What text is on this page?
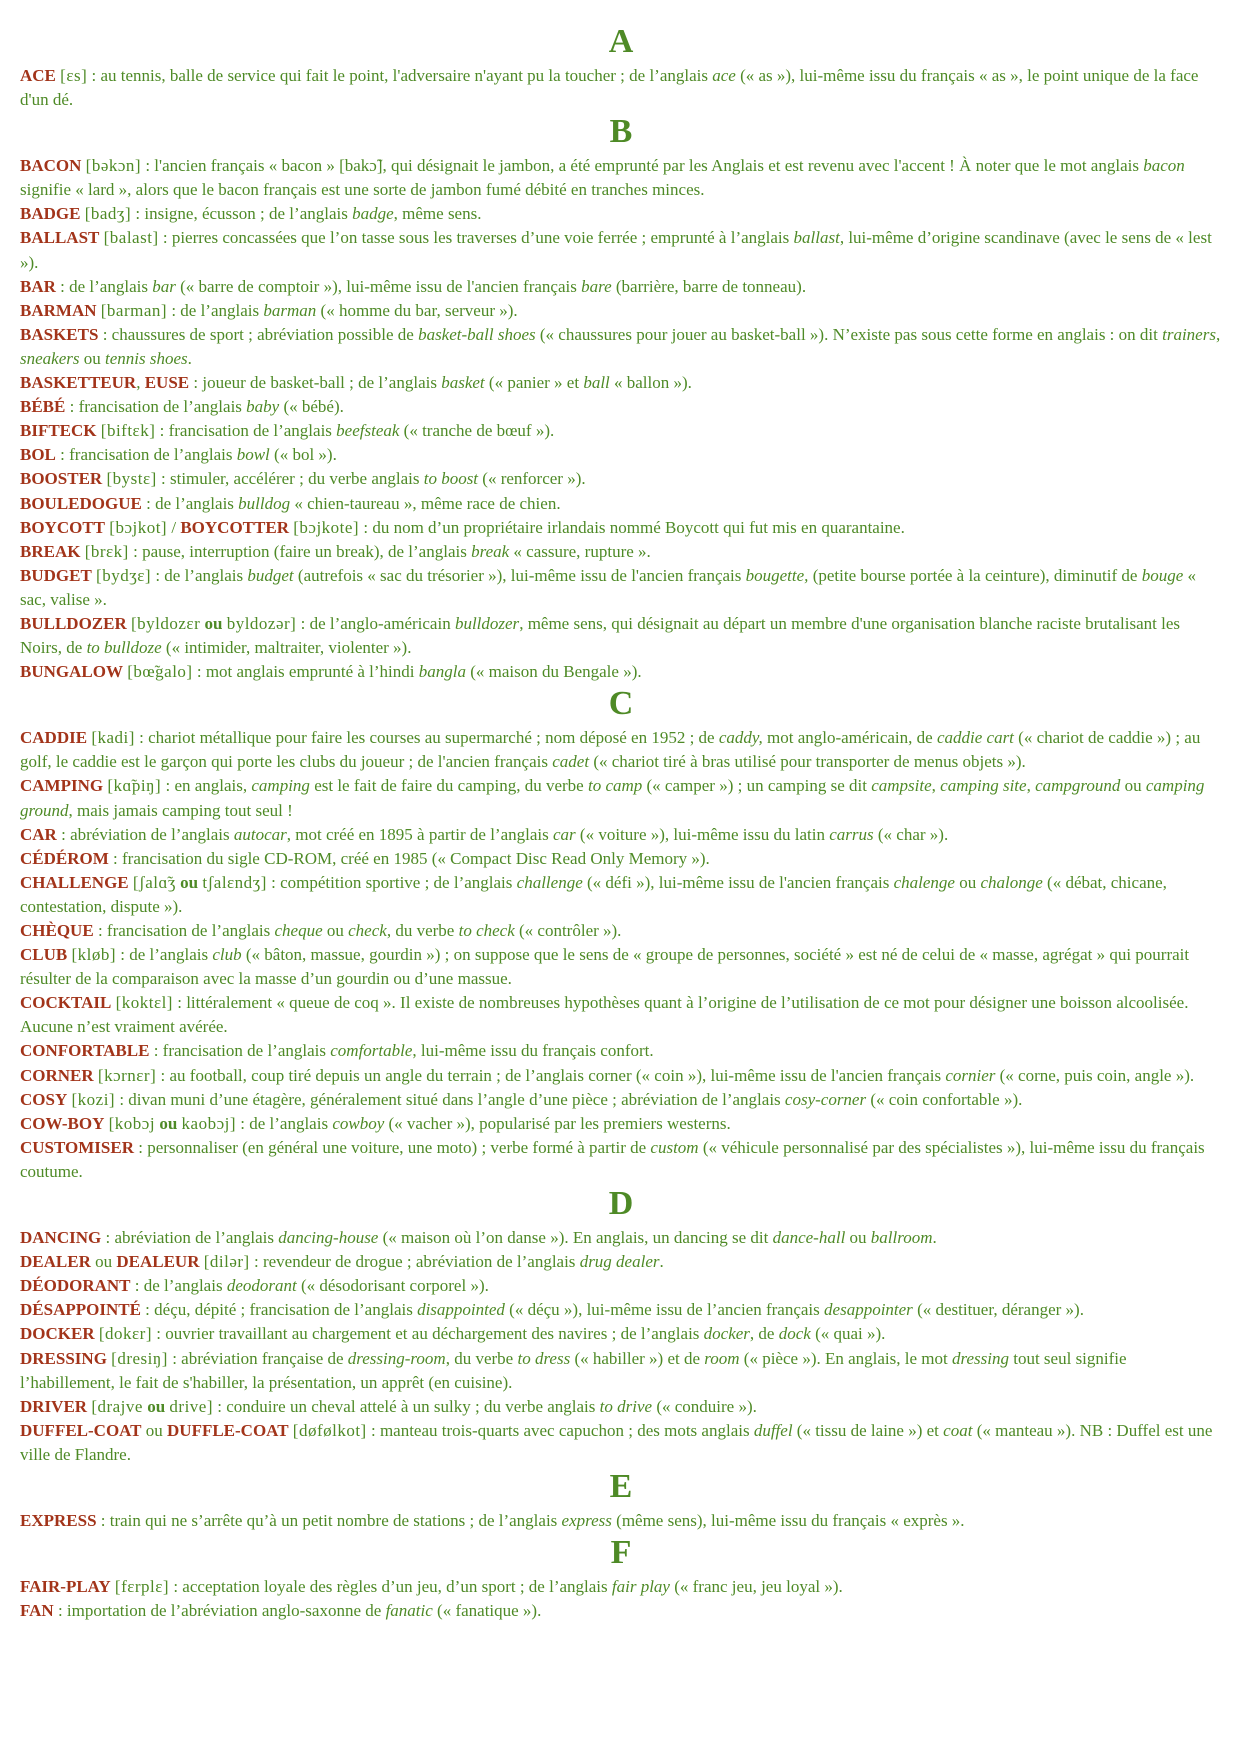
A

ACE [ɛs] : au tennis, balle de service qui fait le point, l'adversaire n'ayant pu la toucher ; de l’anglais ace (« as »), lui-même issu du français « as », le point unique de la face d'un dé.

B

BACON [bəkɔn] : l'ancien français « bacon » [bakɔ̃], qui désignait le jambon, a été emprunté par les Anglais et est revenu avec l'accent ! À noter que le mot anglais bacon signifie « lard », alors que le bacon français est une sorte de jambon fumé débité en tranches minces.

BADGE [badʒ] : insigne, écusson ; de l’anglais badge, même sens.

BALLAST [balast] : pierres concassées que l’on tasse sous les traverses d’une voie ferrée ; emprunté à l’anglais ballast, lui-même d’origine scandinave (avec le sens de « lest »).

BAR : de l’anglais bar (« barre de comptoir »), lui-même issu de l'ancien français bare (barrière, barre de tonneau).

BARMAN [barman] : de l’anglais barman (« homme du bar, serveur »).

BASKETS : chaussures de sport ; abréviation possible de basket-ball shoes (« chaussures pour jouer au basket-ball »). N’existe pas sous cette forme en anglais : on dit trainers, sneakers ou tennis shoes.

BASKETTEUR, EUSE : joueur de basket-ball ; de l’anglais basket (« panier » et ball « ballon »).

BÉBÉ : francisation de l’anglais baby (« bébé).

BIFTECK [biftɛk] : francisation de l’anglais beefsteak (« tranche de bœuf »).

BOL : francisation de l’anglais bowl (« bol »).

BOOSTER [bystɛ] : stimuler, accélérer ; du verbe anglais to boost (« renforcer »).

BOULEDOGUE : de l’anglais bulldog « chien-taureau », même race de chien.

BOYCOTT [bɔjkot] / BOYCOTTER [bɔjkote] : du nom d’un propriétaire irlandais nommé Boycott qui fut mis en quarantaine.

BREAK [brɛk] : pause, interruption (faire un break), de l’anglais break « cassure, rupture ».

BUDGET [bydʒɛ] : de l’anglais budget (autrefois « sac du trésorier »), lui-même issu de l'ancien français bougette, (petite bourse portée à la ceinture), diminutif de bouge « sac, valise ».

BULLDOZER [byldozɛr ou byldozər] : de l’anglo-américain bulldozer, même sens, qui désignait au départ un membre d'une organisation blanche raciste brutalisant les Noirs, de to bulldoze (« intimider, maltraiter, violenter »).

BUNGALOW [bœ̃galo] : mot anglais emprunté à l’hindi bangla (« maison du Bengale »).

C

CADDIE [kadi] : chariot métallique pour faire les courses au supermarché ; nom déposé en 1952 ; de caddy, mot anglo-américain, de caddie cart (« chariot de caddie ») ; au golf, le caddie est le garçon qui porte les clubs du joueur ; de l'ancien français cadet (« chariot tiré à bras utilisé pour transporter de menus objets »).

CAMPING [kɑ̃piŋ] : en anglais, camping est le fait de faire du camping, du verbe to camp (« camper ») ; un camping se dit campsite, camping site, campground ou camping ground, mais jamais camping tout seul !

CAR : abréviation de l’anglais autocar, mot créé en 1895 à partir de l’anglais car (« voiture »), lui-même issu du latin carrus (« char »).

CÉDÉROM : francisation du sigle CD-ROM, créé en 1985 (« Compact Disc Read Only Memory »).

CHALLENGE [ʃalɑ̃ʒ ou tʃalɛndʒ] : compétition sportive ; de l’anglais challenge (« défi »), lui-même issu de l'ancien français chalenge ou chalonge (« débat, chicane, contestation, dispute »).

CHÈQUE : francisation de l’anglais cheque ou check, du verbe to check (« contrôler »).

CLUB [kløb] : de l’anglais club (« bâton, massue, gourdin ») ; on suppose que le sens de « groupe de personnes, société » est né de celui de « masse, agrégat » qui pourrait résulter de la comparaison avec la masse d’un gourdin ou d’une massue.

COCKTAIL [koktɛl] : littéralement « queue de coq ». Il existe de nombreuses hypothèses quant à l’origine de l’utilisation de ce mot pour désigner une boisson alcoolisée. Aucune n’est vraiment avérée.

CONFORTABLE : francisation de l’anglais comfortable, lui-même issu du français confort.

CORNER [kɔrnɛr] : au football, coup tiré depuis un angle du terrain ; de l’anglais corner (« coin »), lui-même issu de l'ancien français cornier (« corne, puis coin, angle »).

COSY [kozi] : divan muni d’une étagère, généralement situé dans l’angle d’une pièce ; abréviation de l’anglais cosy-corner (« coin confortable »).

COW-BOY [kobɔj ou kaobɔj] : de l’anglais cowboy (« vacher »), popularisé par les premiers westerns.

CUSTOMISER : personnaliser (en général une voiture, une moto) ; verbe formé à partir de custom (« véhicule personnalisé par des spécialistes »), lui-même issu du français coutume.

D

DANCING : abréviation de l’anglais dancing-house (« maison où l’on danse »). En anglais, un dancing se dit dance-hall ou ballroom.

DEALER ou DEALEUR [dilər] : revendeur de drogue ; abréviation de l’anglais drug dealer.

DÉODORANT : de l’anglais deodorant (« désodorisant corporel »).

DÉSAPPOINTÉ : déçu, dépité ; francisation de l’anglais disappointed (« déçu »), lui-même issu de l’ancien français desappointer (« destituer, déranger »).

DOCKER [dokɛr] : ouvrier travaillant au chargement et au déchargement des navires ; de l’anglais docker, de dock (« quai »).

DRESSING [dresiŋ] : abréviation française de dressing-room, du verbe to dress (« habiller ») et de room (« pièce »). En anglais, le mot dressing tout seul signifie l’habillement, le fait de s'habiller, la présentation, un apprêt (en cuisine).

DRIVER [drajve ou drive] : conduire un cheval attelé à un sulky ; du verbe anglais to drive (« conduire »).

DUFFEL-COAT ou DUFFLE-COAT [døfølkot] : manteau trois-quarts avec capuchon ; des mots anglais duffel (« tissu de laine ») et coat (« manteau »). NB : Duffel est une ville de Flandre.

E

EXPRESS : train qui ne s’arrête qu’à un petit nombre de stations ; de l’anglais express (même sens), lui-même issu du français « exprès ».

F

FAIR-PLAY [fɛrplɛ] : acceptation loyale des règles d’un jeu, d’un sport ; de l’anglais fair play (« franc jeu, jeu loyal »).

FAN : importation de l’abréviation anglo-saxonne de fanatic (« fanatique »).
